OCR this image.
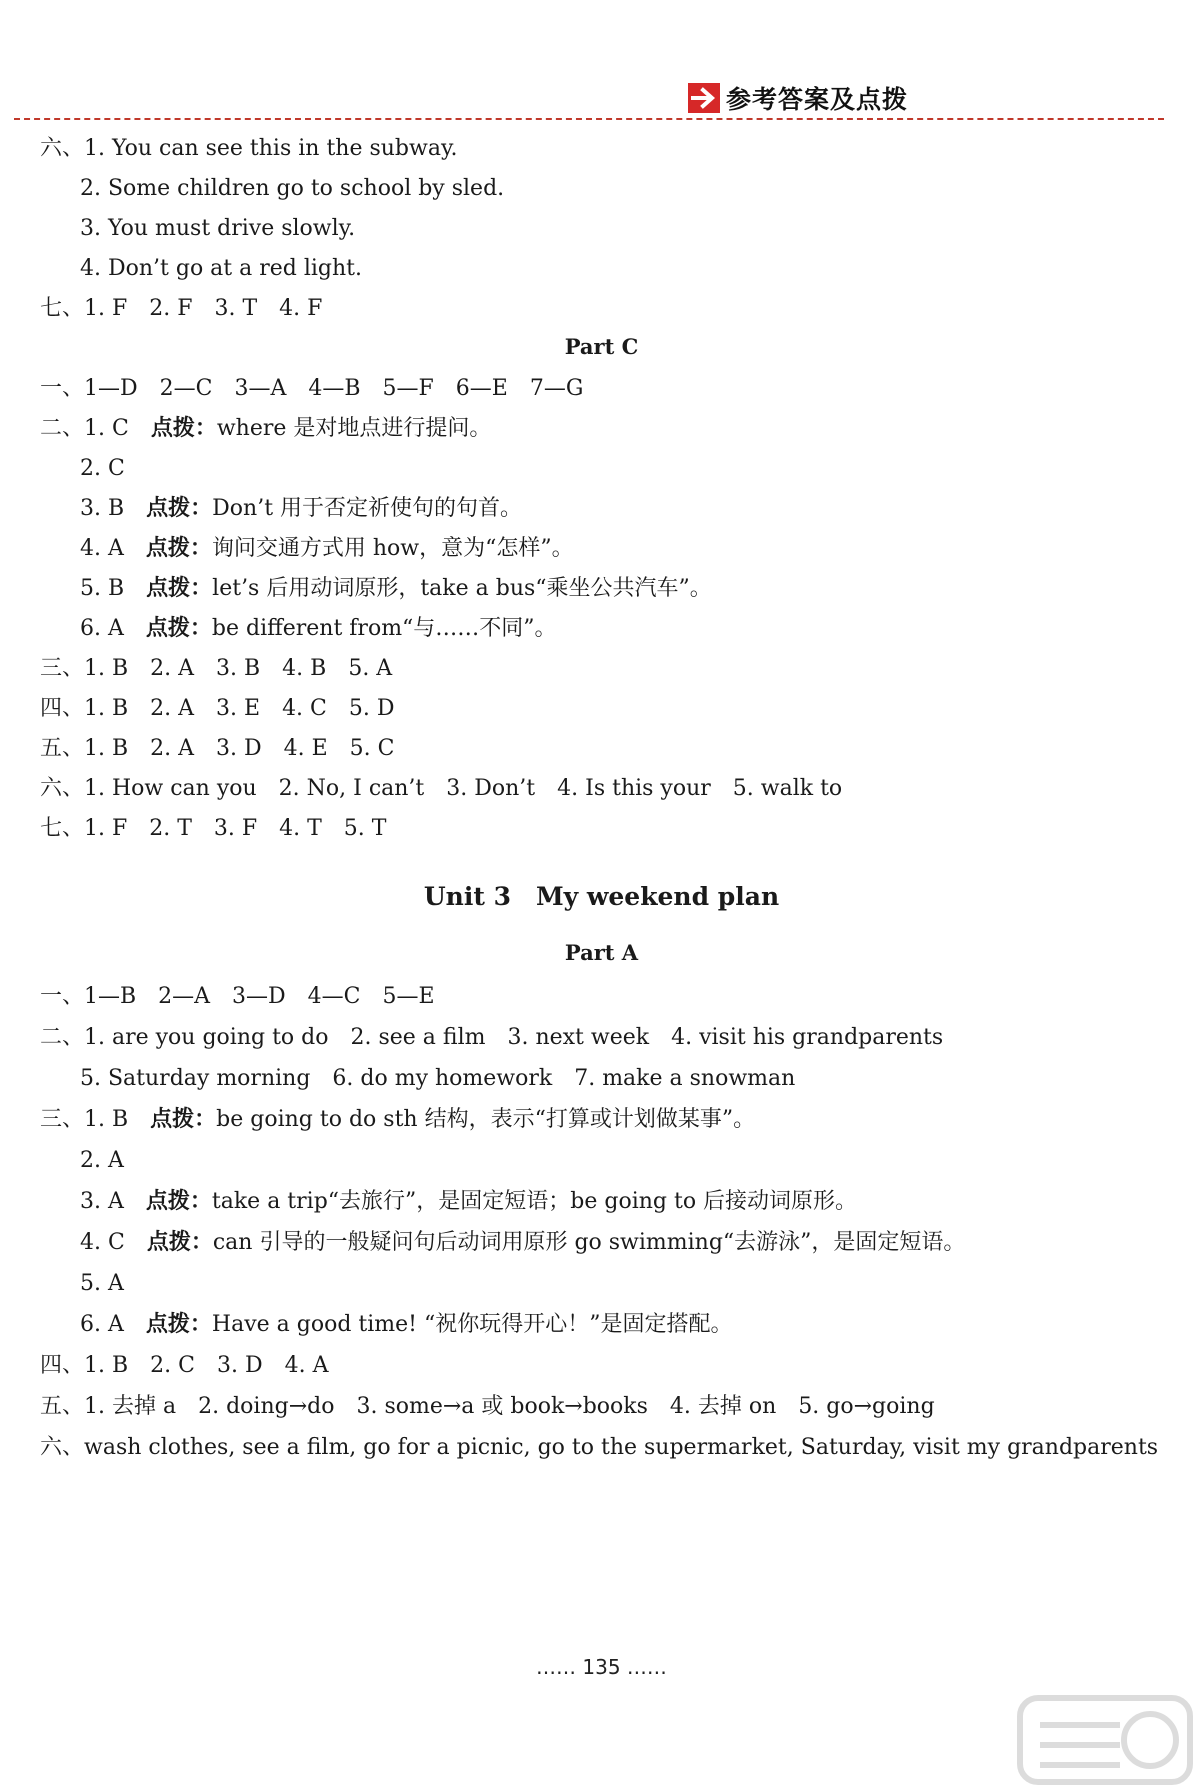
参考答案及点拨
六、1. You can see this in the subway.
2. Some children go to school by sled.
3. You must drive slowly.
4. Don’t go at a red light.
七、1. F　2. F　3. T　4. F
Part C
一、1—D　2—C　3—A　4—B　5—F　6—E　7—G
二、1. C　点拨：where 是对地点进行提问。
2. C
3. B　点拨：Don’t 用于否定祈使句的句首。
4. A　点拨：询问交通方式用 how，意为“怎样”。
5. B　点拨：let’s 后用动词原形，take a bus“乘坐公共汽车”。
6. A　点拨：be different from“与……不同”。
三、1. B　2. A　3. B　4. B　5. A
四、1. B　2. A　3. E　4. C　5. D
五、1. B　2. A　3. D　4. E　5. C
六、1. How can you　2. No, I can’t　3. Don’t　4. Is this your　5. walk to
七、1. F　2. T　3. F　4. T　5. T
Unit 3　My weekend plan
Part A
一、1—B　2—A　3—D　4—C　5—E
二、1. are you going to do　2. see a film　3. next week　4. visit his grandparents
5. Saturday morning　6. do my homework　7. make a snowman
三、1. B　点拨：be going to do sth 结构，表示“打算或计划做某事”。
2. A
3. A　点拨：take a trip“去旅行”，是固定短语；be going to 后接动词原形。
4. C　点拨：can 引导的一般疑问句后动词用原形 go swimming“去游泳”，是固定短语。
5. A
6. A　点拨：Have a good time! “祝你玩得开心！”是固定搭配。
四、1. B　2. C　3. D　4. A
五、1. 去掉 a　2. doing→do　3. some→a 或 book→books　4. 去掉 on　5. go→going
六、wash clothes, see a film, go for a picnic, go to the supermarket, Saturday, visit my grandparents
…… 135 ……
